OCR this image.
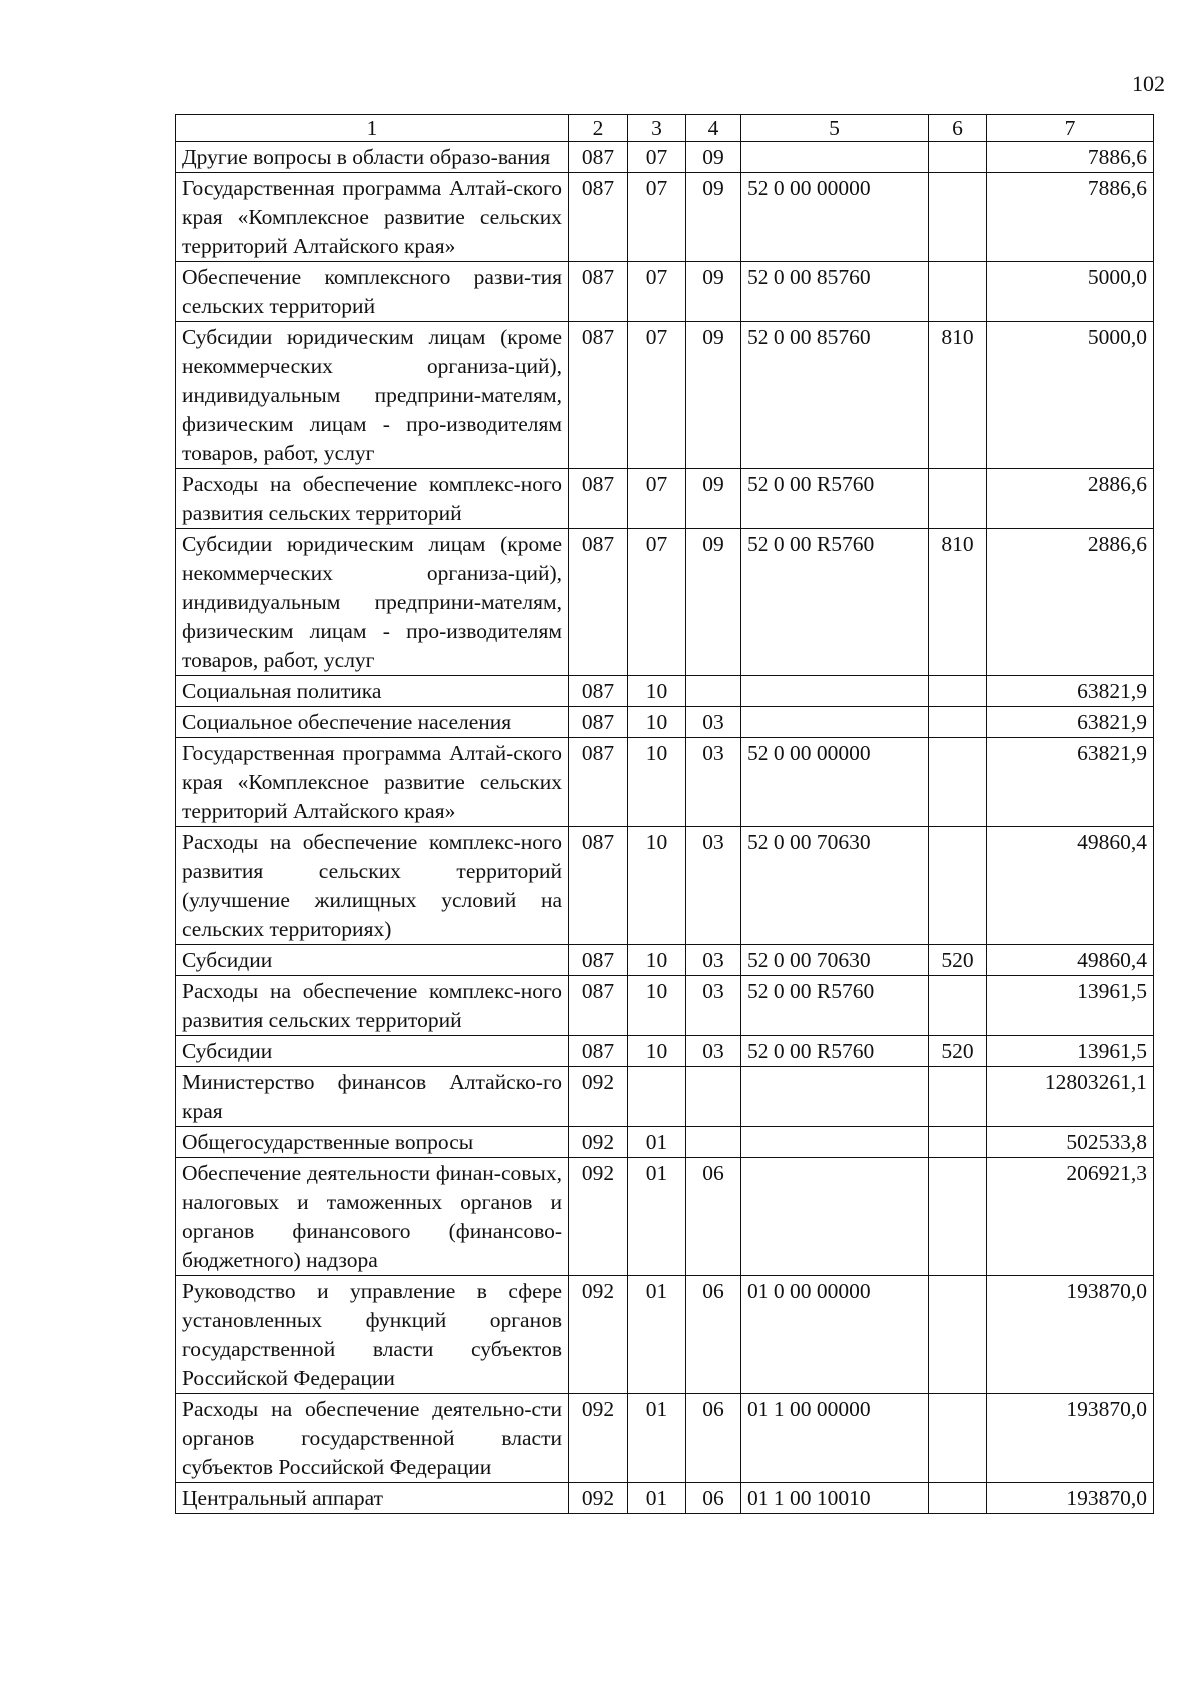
102
1	2	3	4	5	6	7
Другие вопросы в области образо-вания	087	07	09			7886,6
Государственная программа Алтай-ского края «Комплексное развитие сельских территорий Алтайского края»	087	07	09	52 0 00 00000		7886,6
Обеспечение комплексного разви-тия сельских территорий	087	07	09	52 0 00 85760		5000,0
Субсидии юридическим лицам (кроме некоммерческих организа-ций), индивидуальным предприни-мателям, физическим лицам - про-изводителям товаров, работ, услуг	087	07	09	52 0 00 85760	810	5000,0
Расходы на обеспечение комплекс-ного развития сельских территорий	087	07	09	52 0 00 R5760		2886,6
Субсидии юридическим лицам (кроме некоммерческих организа-ций), индивидуальным предприни-мателям, физическим лицам - про-изводителям товаров, работ, услуг	087	07	09	52 0 00 R5760	810	2886,6
Социальная политика	087	10				63821,9
Социальное обеспечение населения	087	10	03			63821,9
Государственная программа Алтай-ского края «Комплексное развитие сельских территорий Алтайского края»	087	10	03	52 0 00 00000		63821,9
Расходы на обеспечение комплекс-ного развития сельских территорий (улучшение жилищных условий на сельских территориях)	087	10	03	52 0 00 70630		49860,4
Субсидии	087	10	03	52 0 00 70630	520	49860,4
Расходы на обеспечение комплекс-ного развития сельских территорий	087	10	03	52 0 00 R5760		13961,5
Субсидии	087	10	03	52 0 00 R5760	520	13961,5
Министерство финансов Алтайско-го края	092					12803261,1
Общегосударственные вопросы	092	01				502533,8
Обеспечение деятельности финан-совых, налоговых и таможенных органов и органов финансового (финансово-бюджетного) надзора	092	01	06			206921,3
Руководство и управление в сфере установленных функций органов государственной власти субъектов Российской Федерации	092	01	06	01 0 00 00000		193870,0
Расходы на обеспечение деятельно-сти органов государственной власти субъектов Российской Федерации	092	01	06	01 1 00 00000		193870,0
Центральный аппарат	092	01	06	01 1 00 10010		193870,0
